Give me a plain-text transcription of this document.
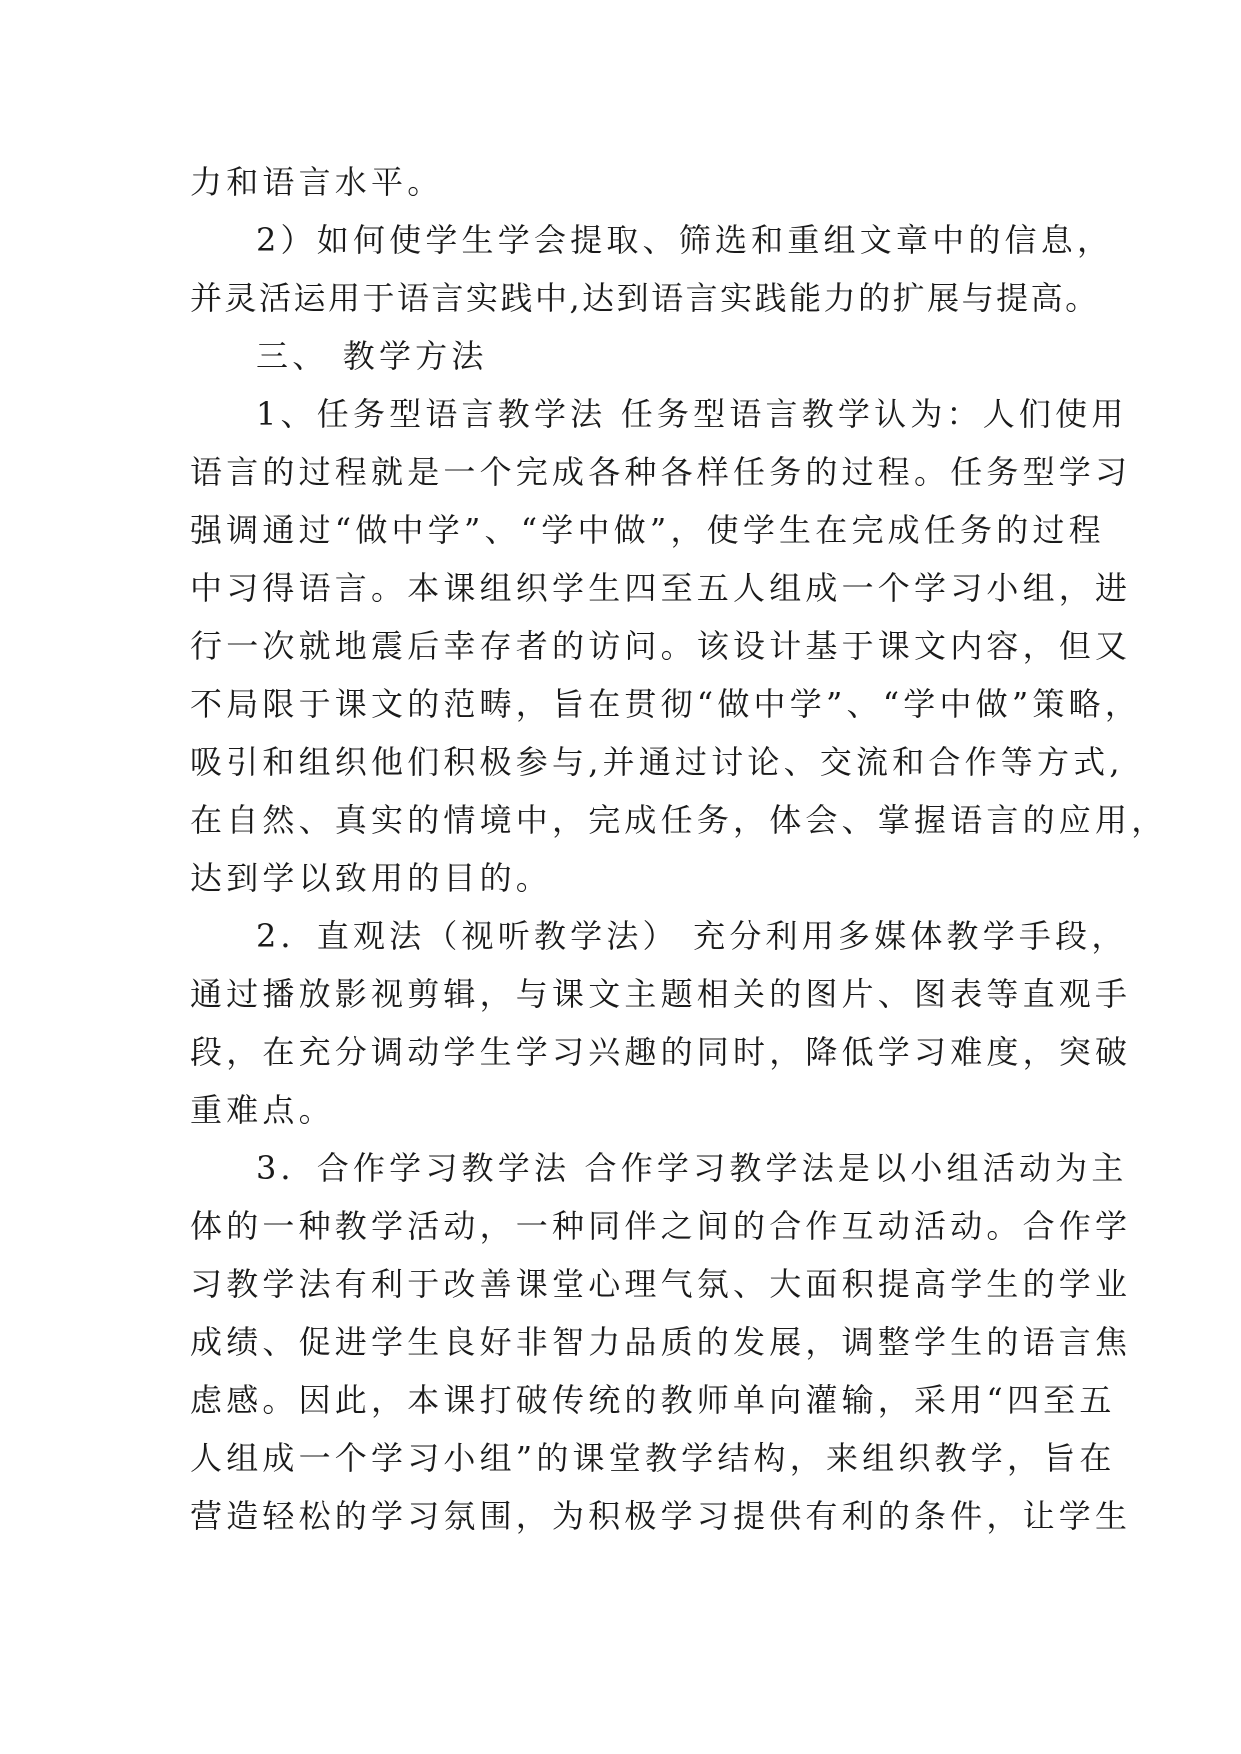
力和语言水平。
2）如何使学生学会提取、筛选和重组文章中的信息，
并灵活运用于语言实践中,达到语言实践能力的扩展与提高。
三、 教学方法
1、任务型语言教学法 任务型语言教学认为：人们使用
语言的过程就是一个完成各种各样任务的过程。任务型学习
强调通过“做中学”、“学中做”，使学生在完成任务的过程
中习得语言。本课组织学生四至五人组成一个学习小组，进
行一次就地震后幸存者的访问。该设计基于课文内容，但又
不局限于课文的范畴，旨在贯彻“做中学”、“学中做”策略，
吸引和组织他们积极参与,并通过讨论、交流和合作等方式,
在自然、真实的情境中，完成任务，体会、掌握语言的应用，
达到学以致用的目的。
2．直观法（视听教学法） 充分利用多媒体教学手段，
通过播放影视剪辑，与课文主题相关的图片、图表等直观手
段，在充分调动学生学习兴趣的同时，降低学习难度，突破
重难点。
3．合作学习教学法 合作学习教学法是以小组活动为主
体的一种教学活动，一种同伴之间的合作互动活动。合作学
习教学法有利于改善课堂心理气氛、大面积提高学生的学业
成绩、促进学生良好非智力品质的发展，调整学生的语言焦
虑感。因此，本课打破传统的教师单向灌输，采用“四至五
人组成一个学习小组”的课堂教学结构，来组织教学，旨在
营造轻松的学习氛围，为积极学习提供有利的条件，让学生
